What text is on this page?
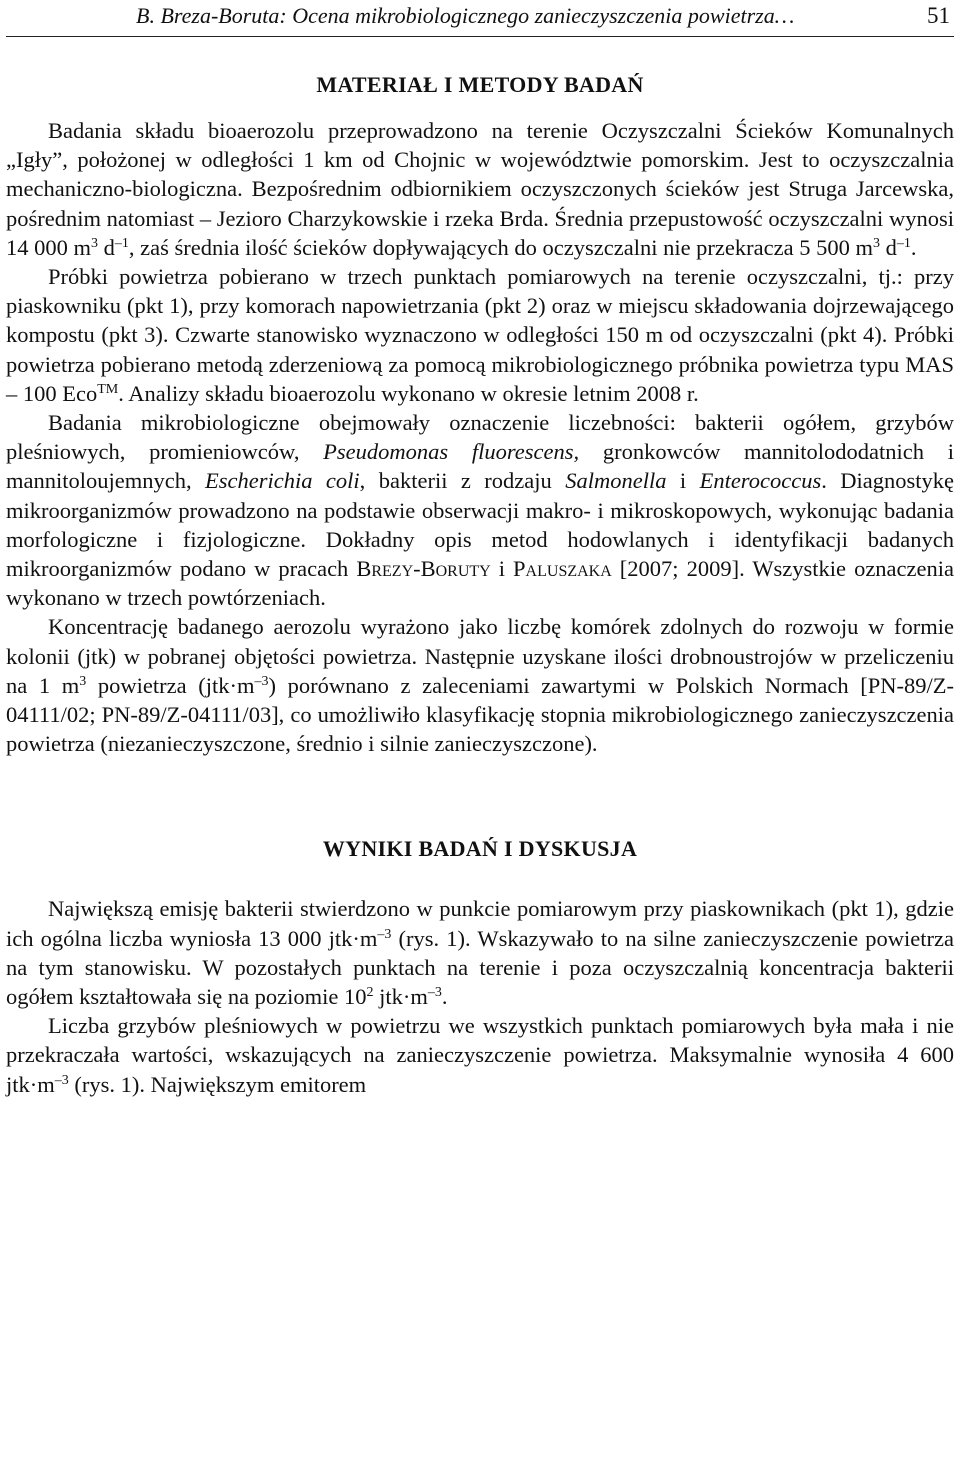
B. Breza-Boruta: Ocena mikrobiologicznego zanieczyszczenia powietrza…	51
MATERIAŁ I METODY BADAŃ

Badania składu bioaerozolu przeprowadzono na terenie Oczyszczalni Ścieków Komunalnych „Igły”, położonej w odległości 1 km od Chojnic w województwie pomorskim. Jest to oczyszczalnia mechaniczno-biologiczna. Bezpośrednim odbiornikiem oczyszczonych ścieków jest Struga Jarcewska, pośrednim natomiast – Jezioro Charzykowskie i rzeka Brda. Średnia przepustowość oczyszczalni wynosi 14 000 $m^3$ $d^{-1}$, zaś średnia ilość ścieków dopływających do oczyszczalni nie przekracza 5 500 $m^3$ $d^{-1}$.

Próbki powietrza pobierano w trzech punktach pomiarowych na terenie oczyszczalni, tj.: przy piaskowniku (pkt 1), przy komorach napowietrzania (pkt 2) oraz w miejscu składowania dojrzewającego kompostu (pkt 3). Czwarte stanowisko wyznaczono w odległości 150 m od oczyszczalni (pkt 4). Próbki powietrza pobierano metodą zderzeniową za pomocą mikrobiologicznego próbnika powietrza typu MAS – 100 Eco™. Analizy składu bioaerozolu wykonano w okresie letnim 2008 r.

Badania mikrobiologiczne obejmowały oznaczenie liczebności: bakterii ogółem, grzybów pleśniowych, promieniowców, Pseudomonas fluorescens, gronkowców mannitolododatnich i mannitoloujemnych, Escherichia coli, bakterii z rodzaju Salmonella i Enterococcus. Diagnostykę mikroorganizmów prowadzono na podstawie obserwacji makro- i mikroskopowych, wykonując badania morfologiczne i fizjologiczne. Dokładny opis metod hodowlanych i identyfikacji badanych mikroorganizmów podano w pracach Brezy-Boruty i Paluszaka [2007; 2009]. Wszystkie oznaczenia wykonano w trzech powtórzeniach.

Koncentrację badanego aerozolu wyrażono jako liczbę komórek zdolnych do rozwoju w formie kolonii (jtk) w pobranej objętości powietrza. Następnie uzyskane ilości drobnoustrojów w przeliczeniu na 1 $m^3$ powietrza $(jtk\cdot m^{-3})$ porównano z zaleceniami zawartymi w Polskich Normach [PN-89/Z-04111/02; PN-89/Z-04111/03], co umożliwiło klasyfikację stopnia mikrobiologicznego zanieczyszczenia powietrza (niezanieczyszczone, średnio i silnie zanieczyszczone).

WYNIKI BADAŃ I DYSKUSJA

Największą emisję bakterii stwierdzono w punkcie pomiarowym przy piaskownikach (pkt 1), gdzie ich ogólna liczba wyniosła 13 000 $jtk\cdot m^{-3}$ (rys. 1). Wskazywało to na silne zanieczyszczenie powietrza na tym stanowisku. W pozostałych punktach na terenie i poza oczyszczalnią koncentracja bakterii ogółem kształtowała się na poziomie $10^2$ $jtk\cdot m^{-3}$.

Liczba grzybów pleśniowych w powietrzu we wszystkich punktach pomiarowych była mała i nie przekraczała wartości, wskazujących na zanieczyszczenie powietrza. Maksymalnie wynosiła 4 600 $jtk\cdot m^{-3}$ (rys. 1). Największym emitorem
